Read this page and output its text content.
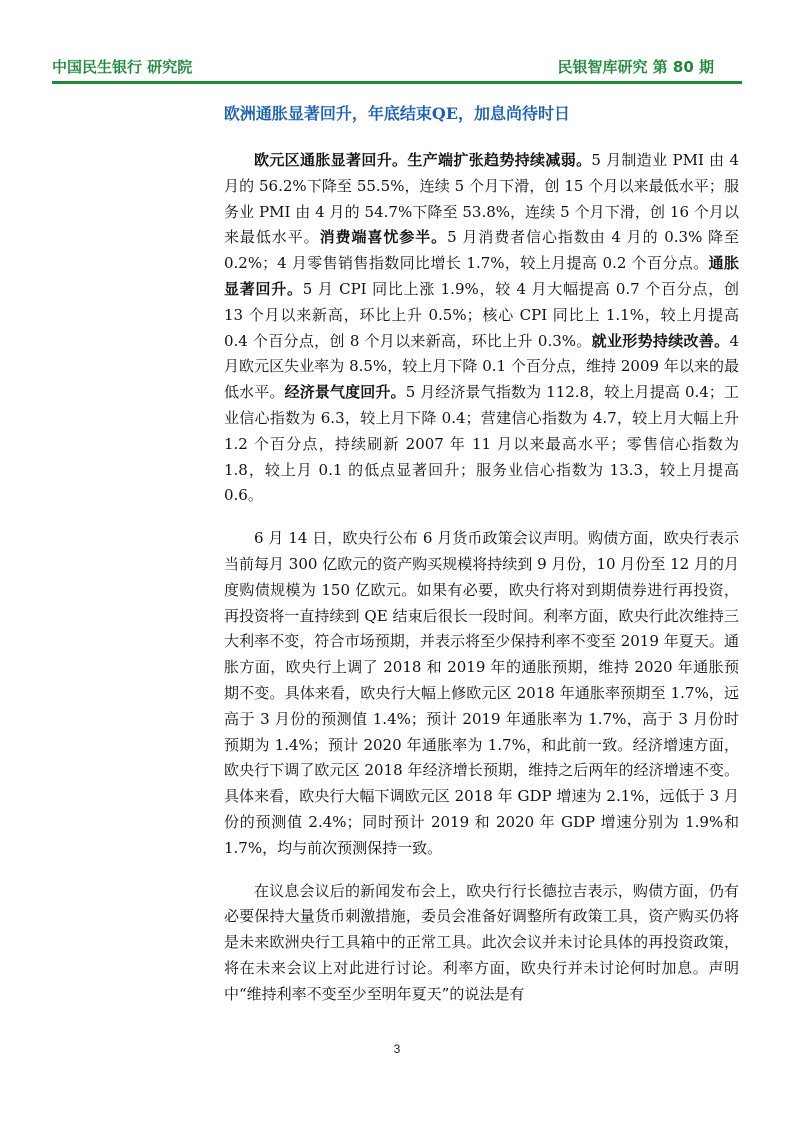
中国民生银行 研究院	民银智库研究 第 80 期
欧洲通胀显著回升，年底结束QE，加息尚待时日

欧元区通胀显著回升。生产端扩张趋势持续减弱。5 月制造业 PMI 由 4 月的 56.2%下降至 55.5%，连续 5 个月下滑，创 15 个月以来最低水平；服务业 PMI 由 4 月的 54.7%下降至 53.8%，连续 5 个月下滑，创 16 个月以来最低水平。消费端喜忧参半。5 月消费者信心指数由 4 月的 0.3% 降至 0.2%；4 月零售销售指数同比增长 1.7%，较上月提高 0.2 个百分点。通胀显著回升。5 月 CPI 同比上涨 1.9%，较 4 月大幅提高 0.7 个百分点，创 13 个月以来新高，环比上升 0.5%；核心 CPI 同比上 1.1%，较上月提高 0.4 个百分点，创 8 个月以来新高，环比上升 0.3%。就业形势持续改善。4 月欧元区失业率为 8.5%，较上月下降 0.1 个百分点，维持 2009 年以来的最低水平。经济景气度回升。5 月经济景气指数为 112.8，较上月提高 0.4；工业信心指数为 6.3，较上月下降 0.4；营建信心指数为 4.7，较上月大幅上升 1.2 个百分点，持续刷新 2007 年 11 月以来最高水平；零售信心指数为 1.8，较上月 0.1 的低点显著回升；服务业信心指数为 13.3，较上月提高 0.6。

6 月 14 日，欧央行公布 6 月货币政策会议声明。购债方面，欧央行表示当前每月 300 亿欧元的资产购买规模将持续到 9 月份，10 月份至 12 月的月度购债规模为 150 亿欧元。如果有必要，欧央行将对到期债券进行再投资，再投资将一直持续到 QE 结束后很长一段时间。利率方面，欧央行此次维持三大利率不变，符合市场预期，并表示将至少保持利率不变至 2019 年夏天。通胀方面，欧央行上调了 2018 和 2019 年的通胀预期，维持 2020 年通胀预期不变。具体来看，欧央行大幅上修欧元区 2018 年通胀率预期至 1.7%，远高于 3 月份的预测值 1.4%；预计 2019 年通胀率为 1.7%，高于 3 月份时预期为 1.4%；预计 2020 年通胀率为 1.7%，和此前一致。经济增速方面，欧央行下调了欧元区 2018 年经济增长预期，维持之后两年的经济增速不变。具体来看，欧央行大幅下调欧元区 2018 年 GDP 增速为 2.1%，远低于 3 月份的预测值 2.4%；同时预计 2019 和 2020 年 GDP 增速分别为 1.9%和 1.7%，均与前次预测保持一致。

在议息会议后的新闻发布会上，欧央行行长德拉吉表示，购债方面，仍有必要保持大量货币刺激措施，委员会准备好调整所有政策工具，资产购买仍将是未来欧洲央行工具箱中的正常工具。此次会议并未讨论具体的再投资政策，将在未来会议上对此进行讨论。利率方面，欧央行并未讨论何时加息。声明中“维持利率不变至少至明年夏天”的说法是有

3
